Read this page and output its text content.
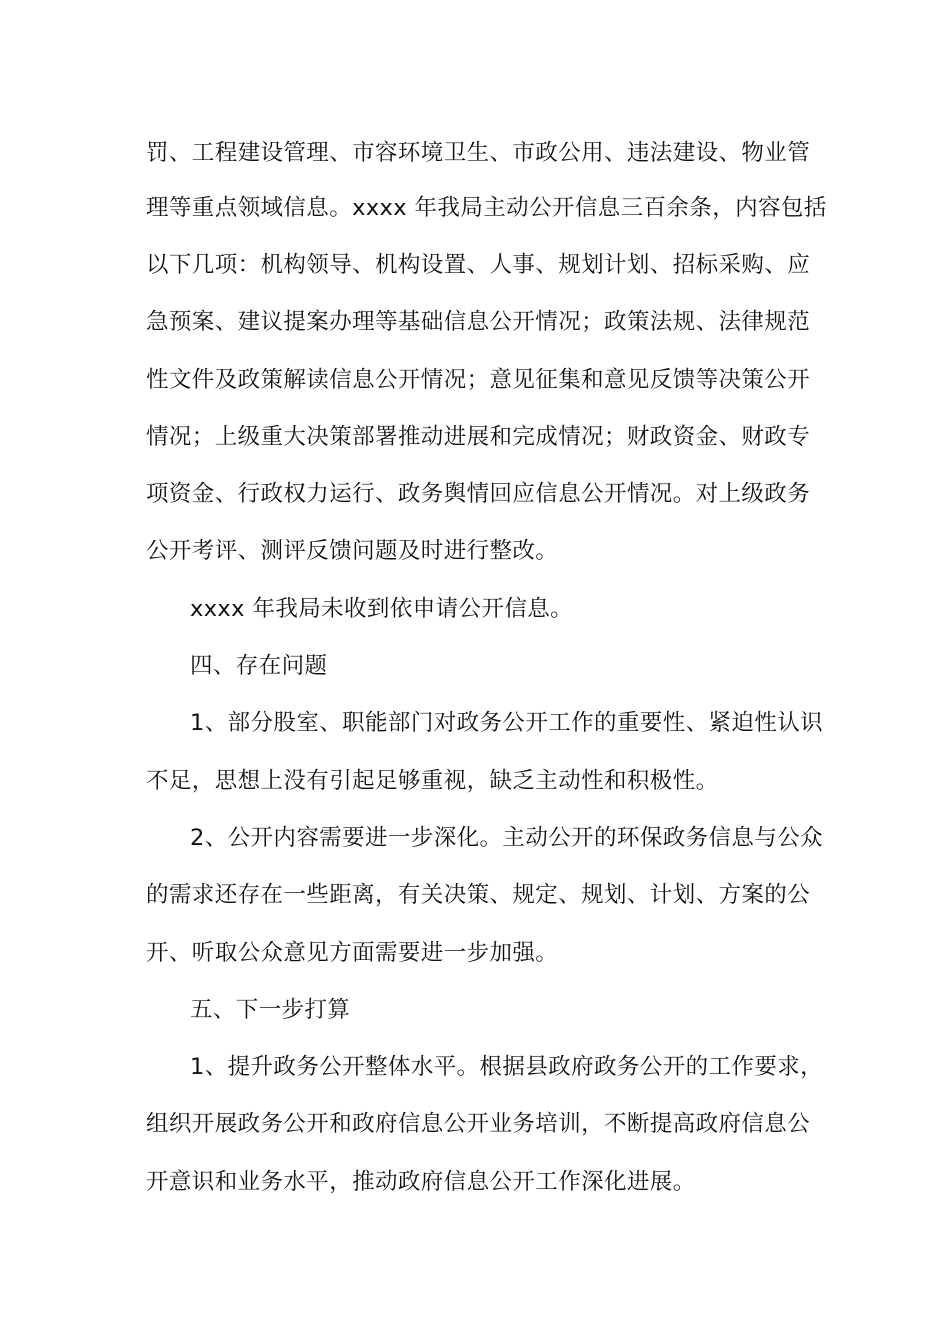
罚、工程建设管理、市容环境卫生、市政公用、违法建设、物业管
理等重点领域信息。xxxx 年我局主动公开信息三百余条，内容包括
以下几项：机构领导、机构设置、人事、规划计划、招标采购、应
急预案、建议提案办理等基础信息公开情况；政策法规、法律规范
性文件及政策解读信息公开情况；意见征集和意见反馈等决策公开
情况；上级重大决策部署推动进展和完成情况；财政资金、财政专
项资金、行政权力运行、政务舆情回应信息公开情况。对上级政务
公开考评、测评反馈问题及时进行整改。
xxxx 年我局未收到依申请公开信息。
四、存在问题
1、部分股室、职能部门对政务公开工作的重要性、紧迫性认识
不足，思想上没有引起足够重视，缺乏主动性和积极性。
2、公开内容需要进一步深化。主动公开的环保政务信息与公众
的需求还存在一些距离，有关决策、规定、规划、计划、方案的公
开、听取公众意见方面需要进一步加强。
五、下一步打算
1、提升政务公开整体水平。根据县政府政务公开的工作要求，
组织开展政务公开和政府信息公开业务培训，不断提高政府信息公
开意识和业务水平，推动政府信息公开工作深化进展。
